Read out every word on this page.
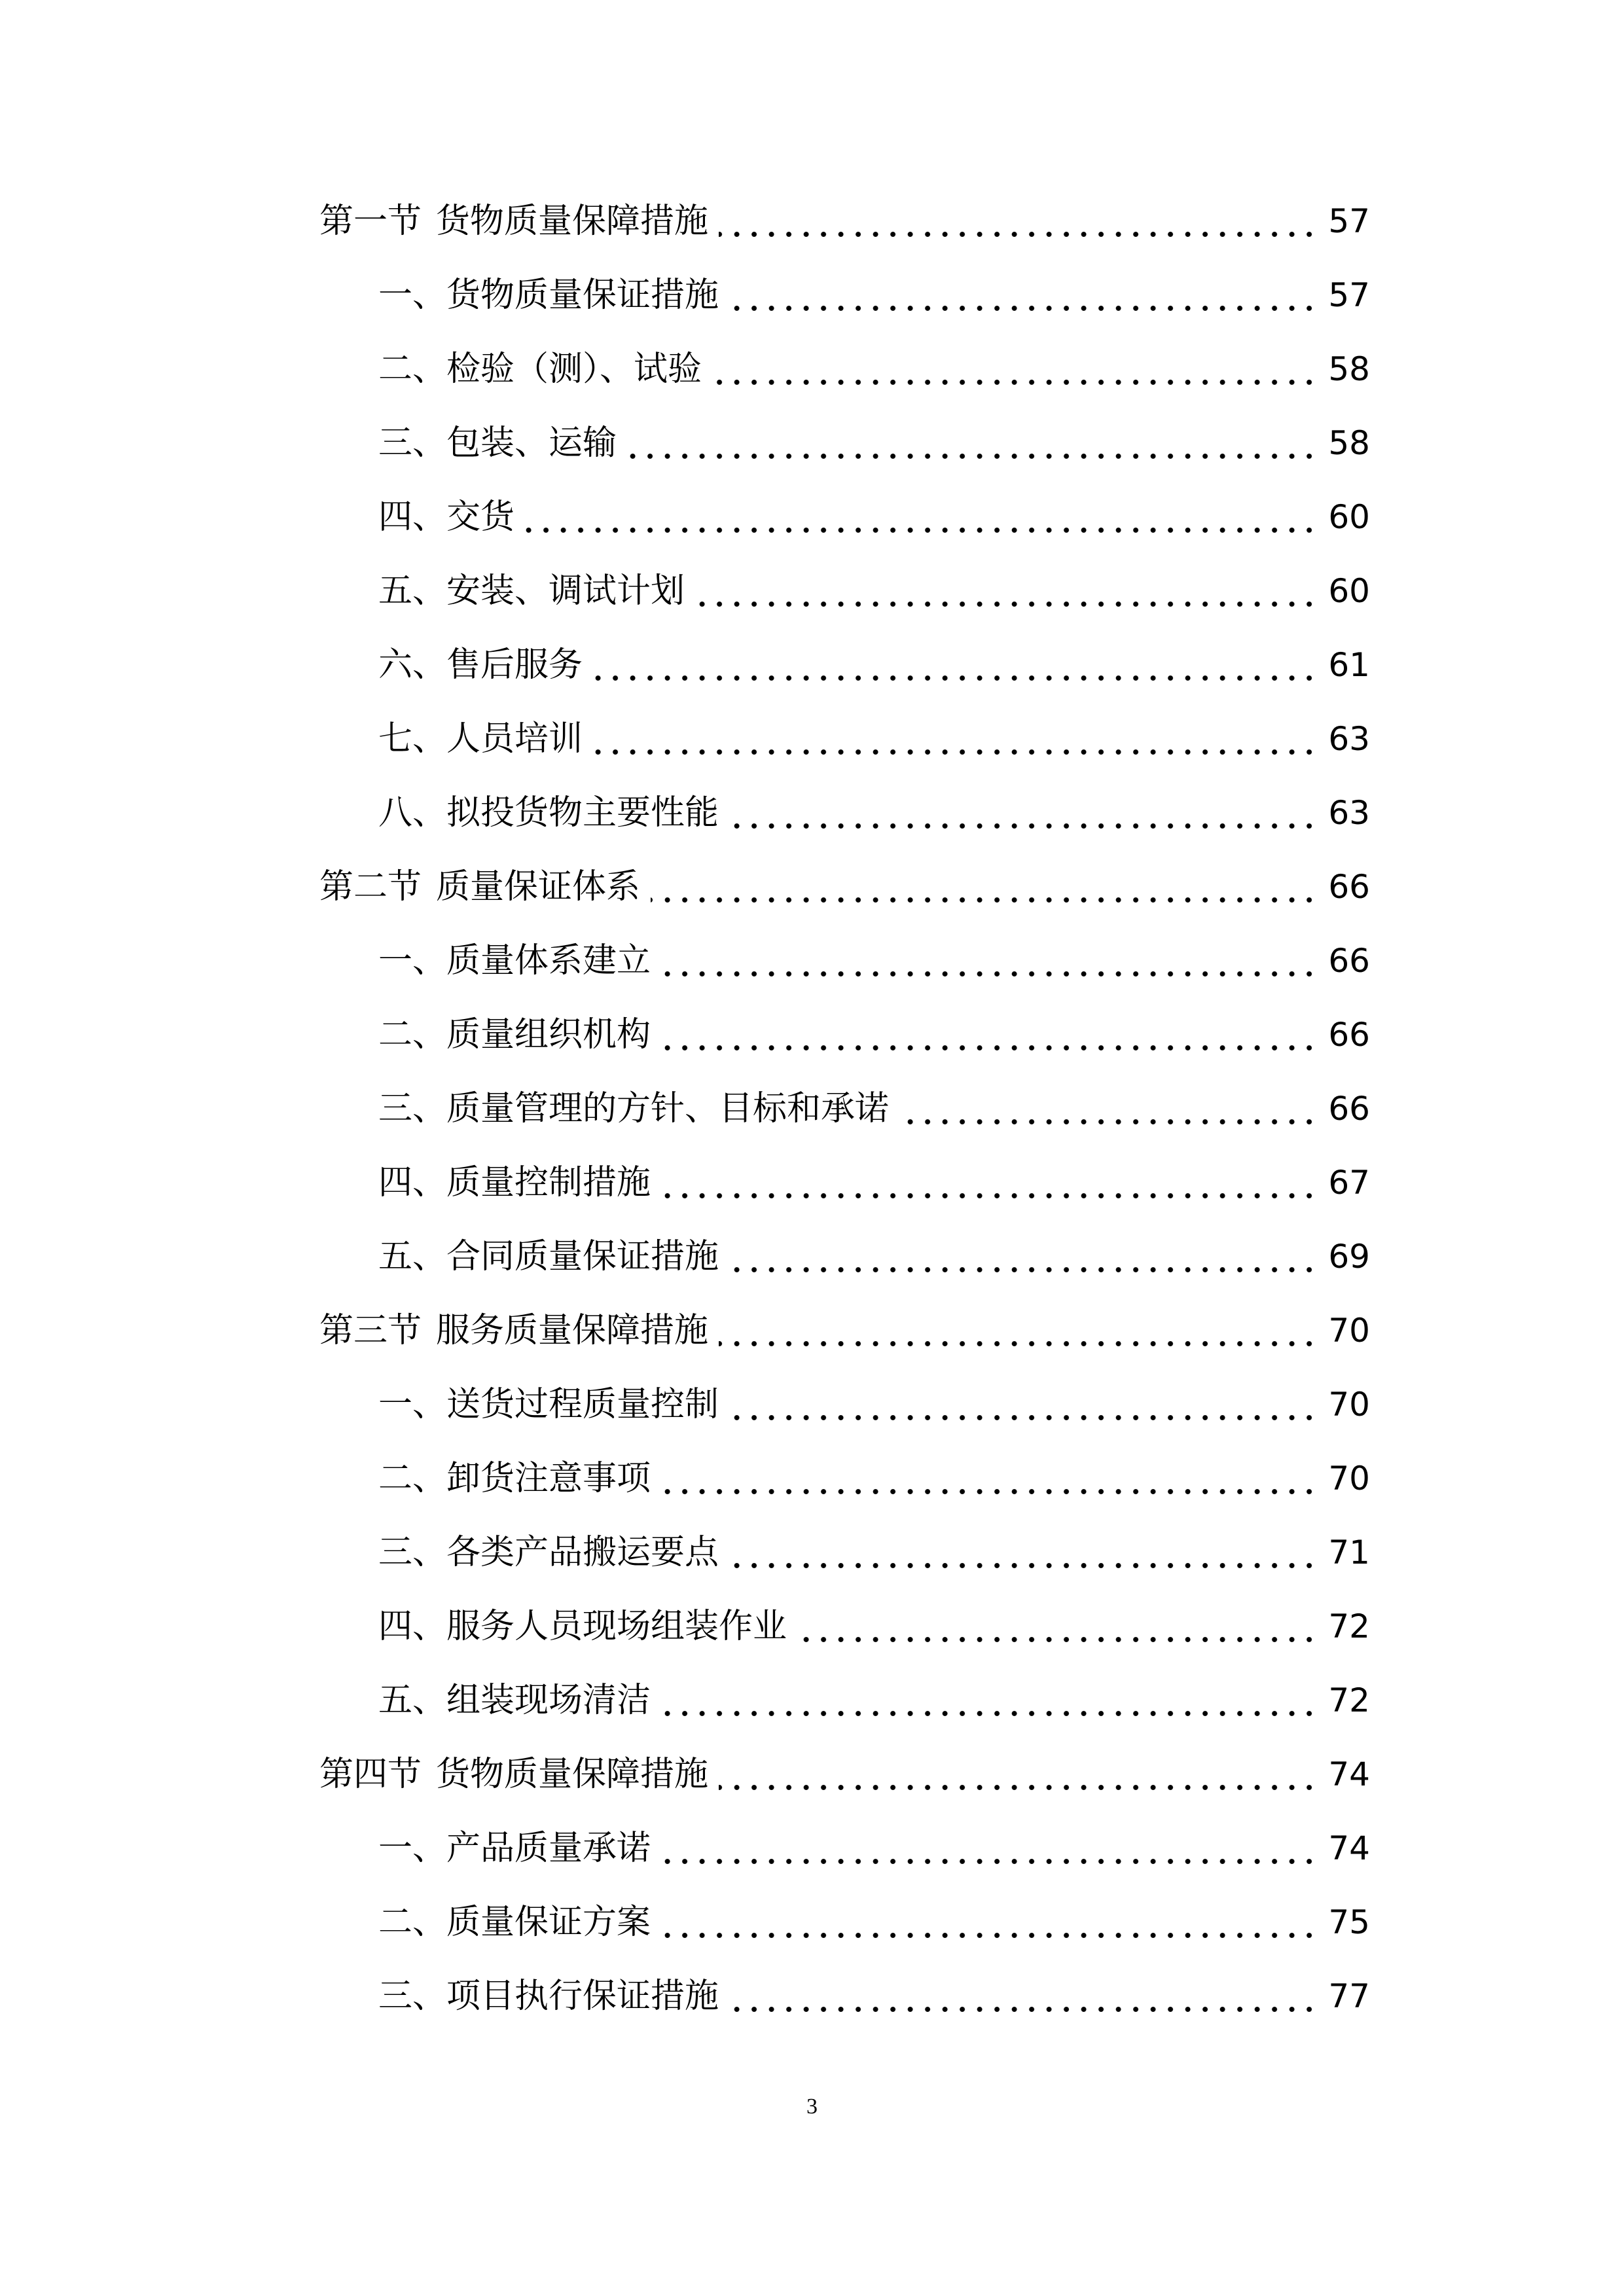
第一节 货物质量保障措施	57
一、货物质量保证措施	57
二、检验（测）、试验	58
三、包装、运输	58
四、交货	60
五、安装、调试计划	60
六、售后服务	61
七、人员培训	63
八、拟投货物主要性能	63
第二节 质量保证体系	66
一、质量体系建立	66
二、质量组织机构	66
三、质量管理的方针、目标和承诺	66
四、质量控制措施	67
五、合同质量保证措施	69
第三节 服务质量保障措施	70
一、送货过程质量控制	70
二、卸货注意事项	70
三、各类产品搬运要点	71
四、服务人员现场组装作业	72
五、组装现场清洁	72
第四节 货物质量保障措施	74
一、产品质量承诺	74
二、质量保证方案	75
三、项目执行保证措施	77
3
